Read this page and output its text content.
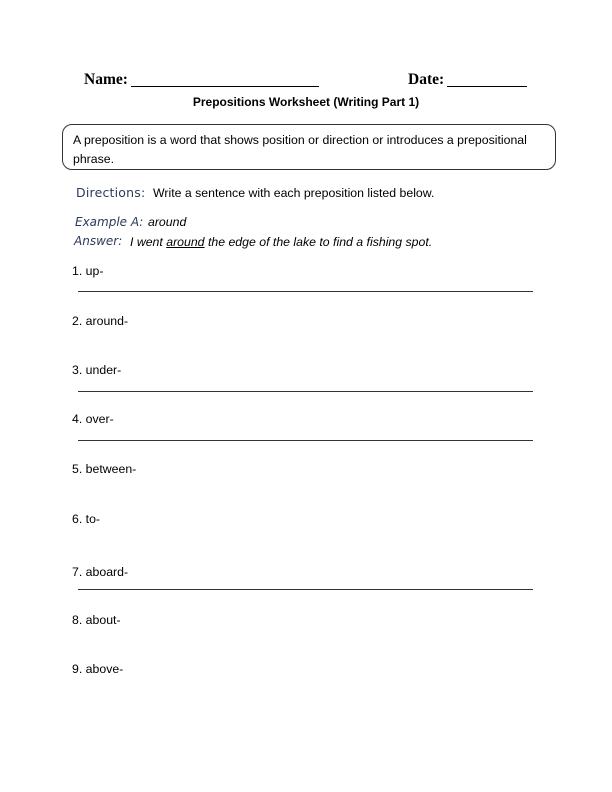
Name:	Date:
Prepositions Worksheet (Writing Part 1)
A preposition is a word that shows position or direction or introduces a prepositional phrase.
Directions: Write a sentence with each preposition listed below.
Example A: around
Answer: I went around the edge of the lake to find a fishing spot.
1. up-
2. around-
3. under-
4. over-
5. between-
6. to-
7. aboard-
8. about-
9. above-
